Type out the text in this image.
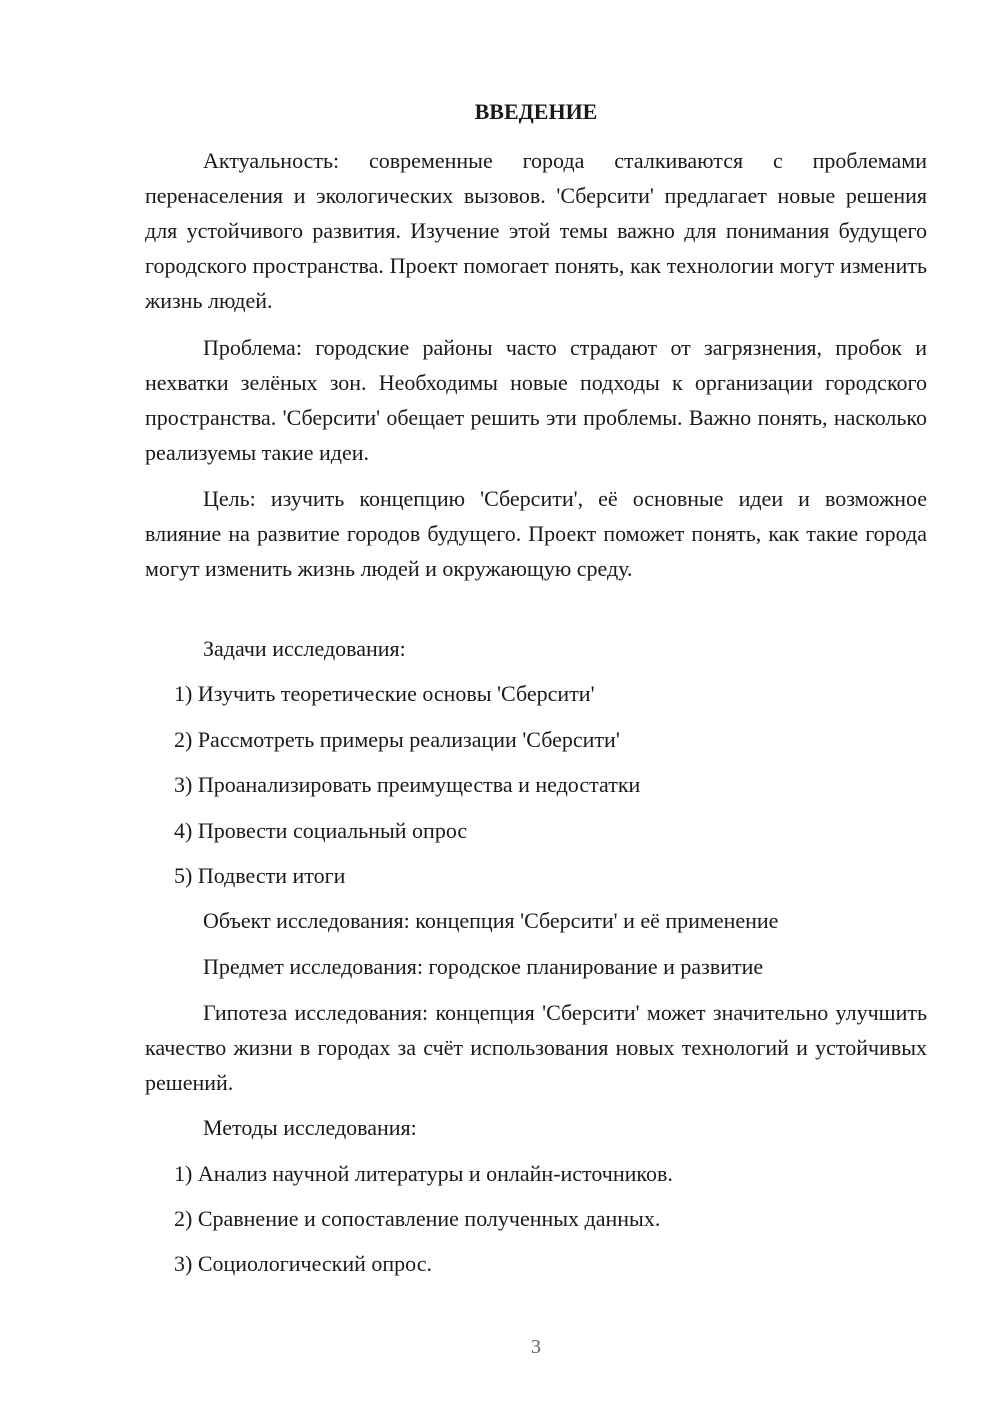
ВВЕДЕНИЕ

Актуальность: современные города сталкиваются с проблемами перенаселения и экологических вызовов. 'Сберсити' предлагает новые решения для устойчивого развития. Изучение этой темы важно для понимания будущего городского пространства. Проект помогает понять, как технологии могут изменить жизнь людей.

Проблема: городские районы часто страдают от загрязнения, пробок и нехватки зелёных зон. Необходимы новые подходы к организации городского пространства. 'Сберсити' обещает решить эти проблемы. Важно понять, насколько реализуемы такие идеи.

Цель: изучить концепцию 'Сберсити', её основные идеи и возможное влияние на развитие городов будущего. Проект поможет понять, как такие города могут изменить жизнь людей и окружающую среду.

Задачи исследования:

1) Изучить теоретические основы 'Сберсити'

2) Рассмотреть примеры реализации 'Сберсити'

3) Проанализировать преимущества и недостатки

4) Провести социальный опрос

5) Подвести итоги

Объект исследования: концепция 'Сберсити' и её применение

Предмет исследования: городское планирование и развитие

Гипотеза исследования: концепция 'Сберсити' может значительно улучшить качество жизни в городах за счёт использования новых технологий и устойчивых решений.

Методы исследования:

1) Анализ научной литературы и онлайн-источников.

2) Сравнение и сопоставление полученных данных.

3) Социологический опрос.

3
